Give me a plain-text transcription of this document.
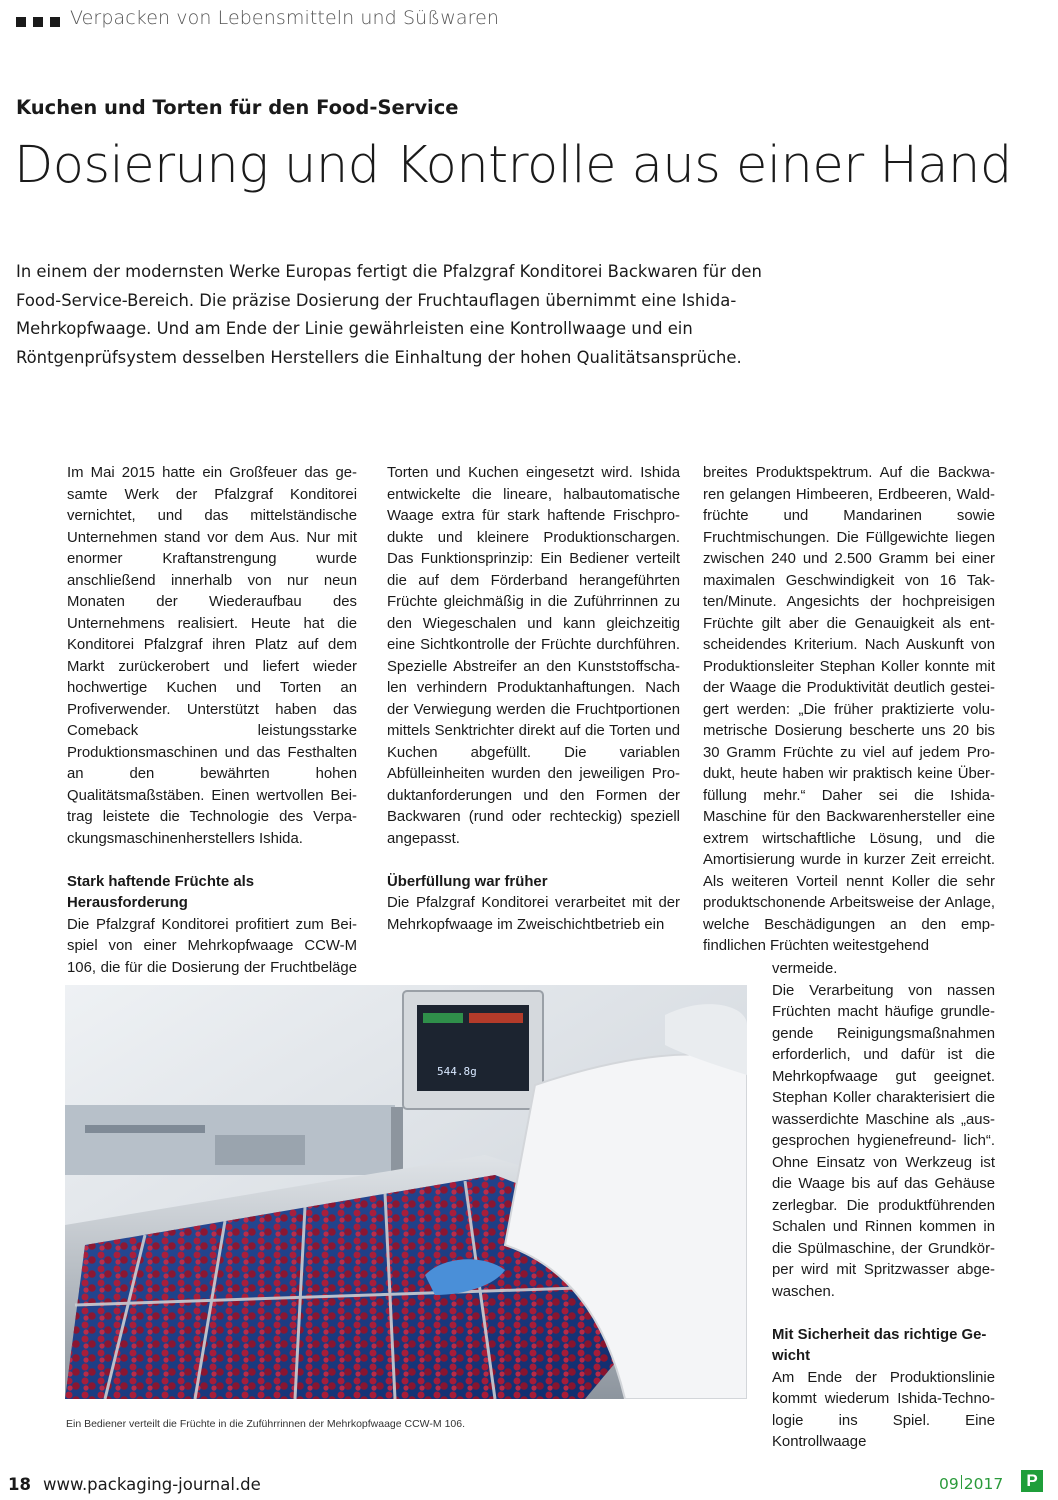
Verpacken von Lebensmitteln und Süßwaren
Kuchen und Torten für den Food-Service
Dosierung und Kontrolle aus einer Hand
In einem der modernsten Werke Europas fertigt die Pfalzgraf Konditorei Backwaren für den Food-Service-Bereich. Die präzise Dosierung der Fruchtauflagen übernimmt eine Ishida-Mehrkopfwaage. Und am Ende der Linie gewährleisten eine Kontrollwaage und ein Röntgenprüfsystem desselben Herstellers die Einhaltung der hohen Qualitätsansprüche.

Im Mai 2015 hatte ein Großfeuer das gesamte Werk der Pfalzgraf Konditorei vernichtet, und das mittelständische Unternehmen stand vor dem Aus. Nur mit enormer Kraftanstrengung wurde anschließend innerhalb von nur neun Monaten der Wiederaufbau des Unternehmens realisiert. Heute hat die Konditorei Pfalzgraf ihren Platz auf dem Markt zurückerobert und liefert wieder hochwertige Kuchen und Torten an Profiverwender. Unterstützt haben das Comeback leistungsstarke Produktionsmaschinen und das Festhalten an den bewährten hohen Qualitätsmaßstäben. Einen wertvollen Beitrag leistete die Technologie des Verpackungsmaschinenherstellers Ishida.

Stark haftende Früchte als Herausforderung

Die Pfalzgraf Konditorei profitiert zum Beispiel von einer Mehrkopfwaage CCW-M 106, die für die Dosierung der Fruchtbeläge

Torten und Kuchen eingesetzt wird. Ishida entwickelte die lineare, halbautomatische Waage extra für stark haftende Frischprodukte und kleinere Produktionschargen. Das Funktionsprinzip: Ein Bediener verteilt die auf dem Förderband herangeführten Früchte gleichmäßig in die Zuführrinnen zu den Wiegeschalen und kann gleichzeitig eine Sichtkontrolle der Früchte durchführen. Spezielle Abstreifer an den Kunststoffschalen verhindern Produktanhaftungen. Nach der Verwiegung werden die Fruchtportionen mittels Senktrichter direkt auf die Torten und Kuchen abgefüllt. Die variablen Abfülleinheiten wurden den jeweiligen Produktanforderungen und den Formen der Backwaren (rund oder rechteckig) speziell angepasst.

Überfüllung war früher

Die Pfalzgraf Konditorei verarbeitet mit der Mehrkopfwaage im Zweischichtbetrieb ein

breites Produktspektrum. Auf die Backwaren gelangen Himbeeren, Erdbeeren, Waldfrüchte und Mandarinen sowie Fruchtmischungen. Die Füllgewichte liegen zwischen 240 und 2.500 Gramm bei einer maximalen Geschwindigkeit von 16 Takten/Minute. Angesichts der hochpreisigen Früchte gilt aber die Genauigkeit als entscheidendes Kriterium. Nach Auskunft von Produktionsleiter Stephan Koller konnte mit der Waage die Produktivität deutlich gesteigert werden: „Die früher praktizierte volumetrische Dosierung bescherte uns 20 bis 30 Gramm Früchte zu viel auf jedem Produkt, heute haben wir praktisch keine Überfüllung mehr.“ Daher sei die Ishida-Maschine für den Backwarenhersteller eine extrem wirtschaftliche Lösung, und die Amortisierung wurde in kurzer Zeit erreicht. Als weiteren Vorteil nennt Koller die sehr produktschonende Arbeitsweise der Anlage, welche Beschädigungen an den empfindlichen Früchten weitestgehend

vermeide.

Die Verarbeitung von nassen Früchten macht häufige grundlegende Reinigungsmaßnahmen erforderlich, und dafür ist die Mehrkopfwaage gut geeignet. Stephan Koller charakterisiert die wasserdichte Maschine als „ausgesprochen hygienefreund- lich“. Ohne Einsatz von Werkzeug ist die Waage bis auf das Gehäuse zerlegbar. Die produktführenden Schalen und Rinnen kommen in die Spülmaschine, der Grundkörper wird mit Spritzwasser abgewaschen.

Mit Sicherheit das richtige Gewicht

Am Ende der Produktionslinie kommt wiederum Ishida-Technologie ins Spiel. Eine Kontrollwaage

544.8g
Ein Bediener verteilt die Früchte in die Zuführrinnen der Mehrkopfwaage CCW-M 106.
18 www.packaging-journal.de	09 2017	P
